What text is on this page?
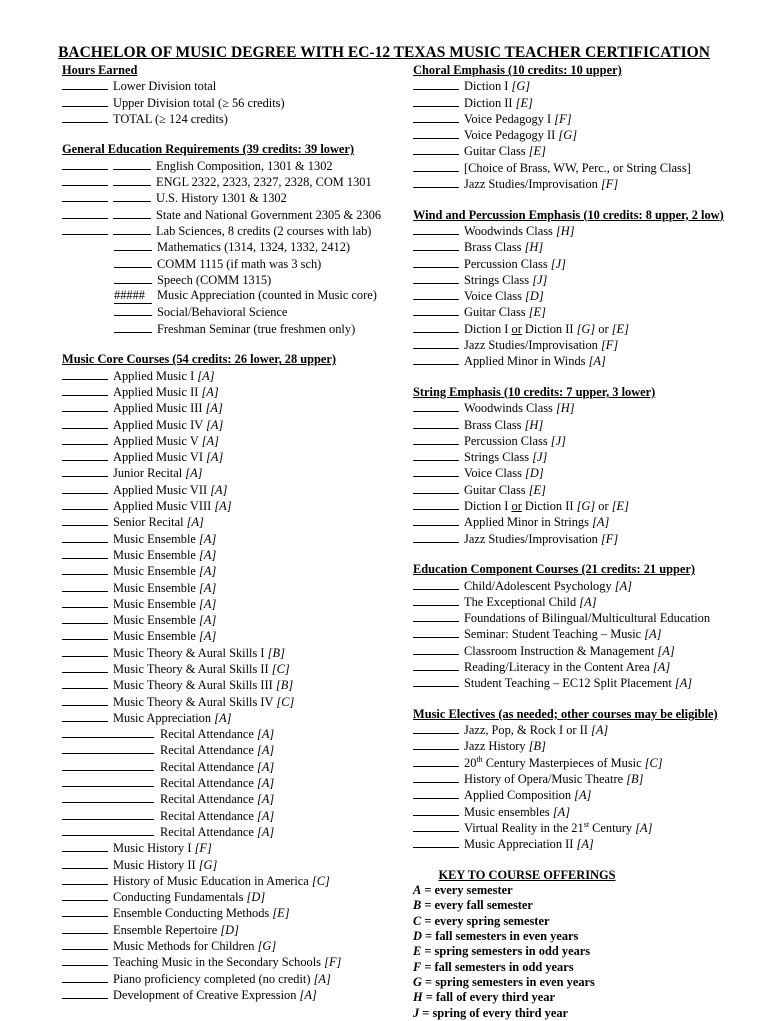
BACHELOR OF MUSIC DEGREE WITH EC-12 TEXAS MUSIC TEACHER CERTIFICATION
Hours Earned
Lower Division total
Upper Division total (≥ 56 credits)
TOTAL (≥ 124 credits)
General Education Requirements (39 credits: 39 lower)
English Composition, 1301 & 1302
ENGL 2322, 2323, 2327, 2328, COM 1301
U.S. History 1301 & 1302
State and National Government 2305 & 2306
Lab Sciences, 8 credits (2 courses with lab)
Mathematics (1314, 1324, 1332, 2412)
COMM 1115 (if math was 3 sch)
Speech (COMM 1315)
##### Music Appreciation (counted in Music core)
Social/Behavioral Science
Freshman Seminar (true freshmen only)
Music Core Courses (54 credits: 26 lower, 28 upper)
Applied Music I [A]
Applied Music II [A]
Applied Music III [A]
Applied Music IV [A]
Applied Music V [A]
Applied Music VI [A]
Junior Recital [A]
Applied Music VII [A]
Applied Music VIII [A]
Senior Recital [A]
Music Ensemble [A]
Music Ensemble [A]
Music Ensemble [A]
Music Ensemble [A]
Music Ensemble [A]
Music Ensemble [A]
Music Ensemble [A]
Music Theory & Aural Skills I [B]
Music Theory & Aural Skills II [C]
Music Theory & Aural Skills III [B]
Music Theory & Aural Skills IV [C]
Music Appreciation [A]
Recital Attendance [A]
Recital Attendance [A]
Recital Attendance [A]
Recital Attendance [A]
Recital Attendance [A]
Recital Attendance [A]
Recital Attendance [A]
Music History I [F]
Music History II [G]
History of Music Education in America [C]
Conducting Fundamentals [D]
Ensemble Conducting Methods [E]
Ensemble Repertoire [D]
Music Methods for Children [G]
Teaching Music in the Secondary Schools [F]
Piano proficiency completed (no credit) [A]
Development of Creative Expression [A]
Choral Emphasis (10 credits: 10 upper)
Diction I [G]
Diction II [E]
Voice Pedagogy I [F]
Voice Pedagogy II [G]
Guitar Class [E]
[Choice of Brass, WW, Perc., or String Class]
Jazz Studies/Improvisation [F]
Wind and Percussion Emphasis (10 credits: 8 upper, 2 low)
Woodwinds Class [H]
Brass Class [H]
Percussion Class [J]
Strings Class [J]
Voice Class [D]
Guitar Class [E]
Diction I or Diction II [G] or [E]
Jazz Studies/Improvisation [F]
Applied Minor in Winds [A]
String Emphasis (10 credits: 7 upper, 3 lower)
Woodwinds Class [H]
Brass Class [H]
Percussion Class [J]
Strings Class [J]
Voice Class [D]
Guitar Class [E]
Diction I or Diction II [G] or [E]
Applied Minor in Strings [A]
Jazz Studies/Improvisation [F]
Education Component Courses (21 credits: 21 upper)
Child/Adolescent Psychology [A]
The Exceptional Child [A]
Foundations of Bilingual/Multicultural Education
Seminar: Student Teaching – Music [A]
Classroom Instruction & Management [A]
Reading/Literacy in the Content Area [A]
Student Teaching – EC12 Split Placement [A]
Music Electives (as needed; other courses may be eligible)
Jazz, Pop, & Rock I or II [A]
Jazz History [B]
20th Century Masterpieces of Music [C]
History of Opera/Music Theatre [B]
Applied Composition [A]
Music ensembles [A]
Virtual Reality in the 21st Century [A]
Music Appreciation II [A]
KEY TO COURSE OFFERINGS
A = every semester
B = every fall semester
C = every spring semester
D = fall semesters in even years
E = spring semesters in odd years
F = fall semesters in odd years
G = spring semesters in even years
H = fall of every third year
J = spring of every third year
